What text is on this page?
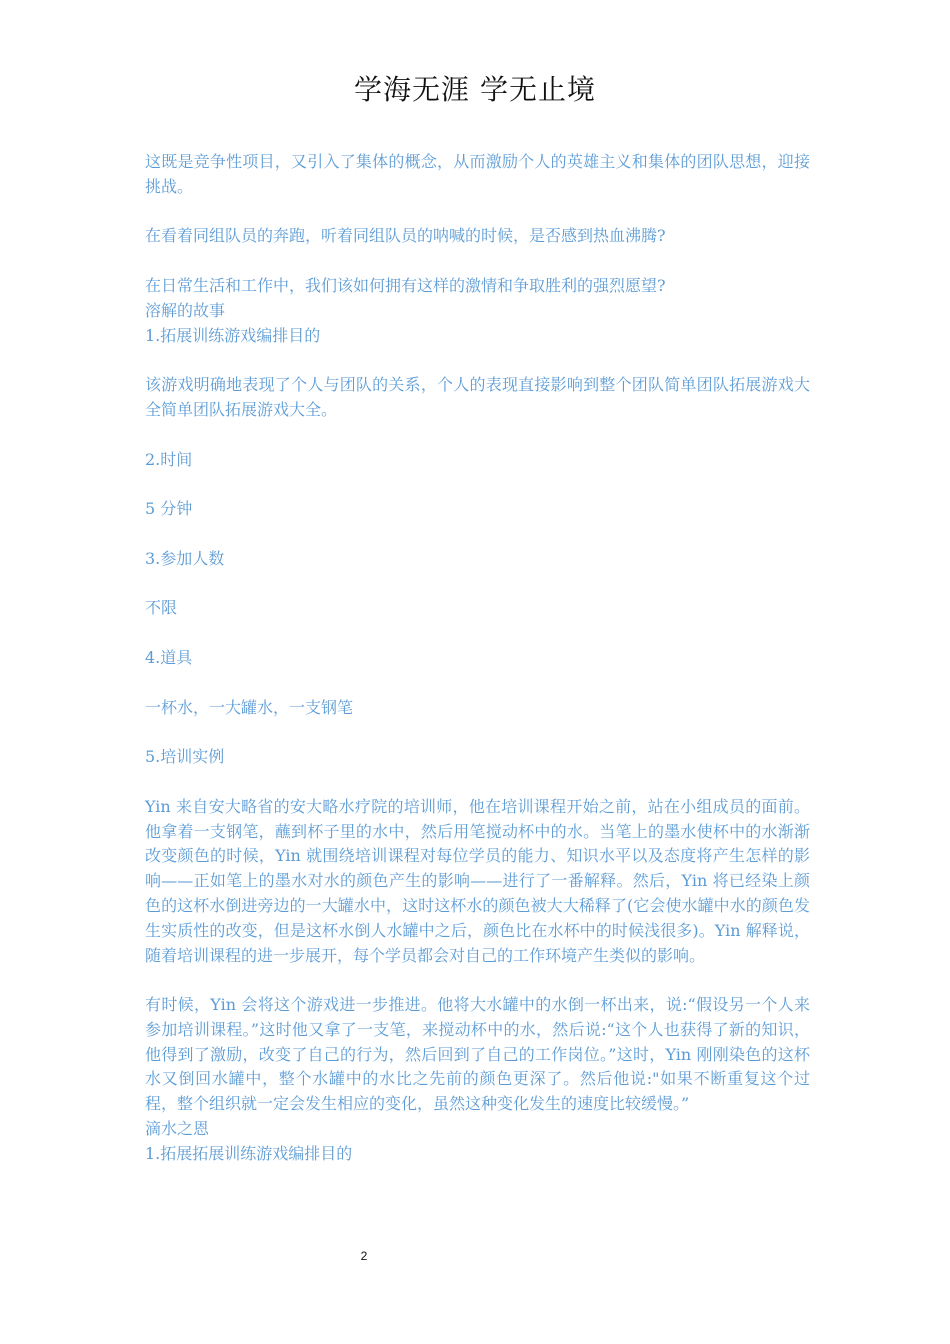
学海无涯 学无止境

这既是竞争性项目，又引入了集体的概念，从而激励个人的英雄主义和集体的团队思想，迎接挑战。

在看着同组队员的奔跑，听着同组队员的呐喊的时候，是否感到热血沸腾?

在日常生活和工作中，我们该如何拥有这样的激情和争取胜利的强烈愿望?

溶解的故事

1.拓展训练游戏编排目的

该游戏明确地表现了个人与团队的关系，个人的表现直接影响到整个团队简单团队拓展游戏大全简单团队拓展游戏大全。

2.时间

5 分钟

3.参加人数

不限

4.道具

一杯水，一大罐水，一支钢笔

5.培训实例

Yin 来自安大略省的安大略水疗院的培训师，他在培训课程开始之前，站在小组成员的面前。他拿着一支钢笔，蘸到杯子里的水中，然后用笔搅动杯中的水。当笔上的墨水使杯中的水渐渐改变颜色的时候，Yin 就围绕培训课程对每位学员的能力、知识水平以及态度将产生怎样的影响——正如笔上的墨水对水的颜色产生的影响——进行了一番解释。然后，Yin 将已经染上颜色的这杯水倒进旁边的一大罐水中，这时这杯水的颜色被大大稀释了(它会使水罐中水的颜色发生实质性的改变，但是这杯水倒人水罐中之后，颜色比在水杯中的时候浅很多)。Yin 解释说，随着培训课程的进一步展开，每个学员都会对自己的工作环境产生类似的影响。

有时候，Yin 会将这个游戏进一步推进。他将大水罐中的水倒一杯出来，说:“假设另一个人来参加培训课程。”这时他又拿了一支笔，来搅动杯中的水，然后说:“这个人也获得了新的知识，他得到了激励，改变了自己的行为，然后回到了自己的工作岗位。”这时，Yin 刚刚染色的这杯水又倒回水罐中，整个水罐中的水比之先前的颜色更深了。然后他说:"如果不断重复这个过程，整个组织就一定会发生相应的变化，虽然这种变化发生的速度比较缓慢。”

滴水之恩

1.拓展拓展训练游戏编排目的

2
